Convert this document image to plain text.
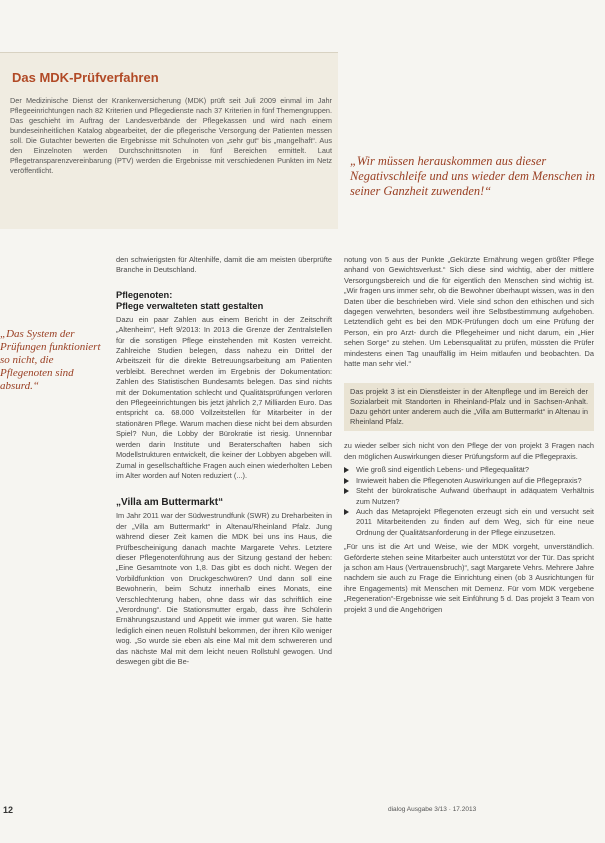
Das MDK-Prüfverfahren
Der Medizinische Dienst der Krankenversicherung (MDK) prüft seit Juli 2009 einmal im Jahr Pflegeeinrichtungen nach 82 Kriterien und Pflegedienste nach 37 Kriterien in fünf Themengruppen. Das geschieht im Auftrag der Landesverbände der Pflegekassen und wird nach einem bundeseinheitlichen Katalog abgearbeitet, der die pflegerische Versorgung der Patienten messen soll. Die Gutachter bewerten die Ergebnisse mit Schulnoten von „sehr gut“ bis „mangelhaft“. Aus den Einzelnoten werden Durchschnittsnoten in fünf Bereichen ermittelt. Laut Pflegetransparenzvereinbarung (PTV) werden die Ergebnisse mit verschiedenen Punkten im Netz veröffentlicht.
„Wir müssen herauskommen aus dieser Negativschleife und uns wieder dem Menschen in seiner Ganzheit zuwenden!“
„Das System der Prüfungen funktioniert so nicht, die Pflegenoten sind absurd.“

den schwierigsten für Altenhilfe, damit die am meisten überprüfte Branche in Deutschland.

Pflegenoten:
Pflege verwalteten statt gestalten

Dazu ein paar Zahlen aus einem Bericht in der Zeitschrift „Altenheim“, Heft 9/2013: In 2013 die Grenze der Zentralstellen für die sonstigen Pflege einstehenden mit Kosten verreicht. Zahlreiche Studien belegen, dass nahezu ein Drittel der Arbeitszeit für die direkte Betreuungsarbeitung am Patienten verbleibt. Berechnet werden im Ergebnis der Dokumentation: Zahlen des Statistischen Bundesamts belegen. Das sind nichts mit der Dokumentation schlecht und Qualitätsprüfungen verloren den Pflegeeinrichtungen bis jetzt jährlich 2,7 Milliarden Euro. Das entspricht ca. 68.000 Vollzeitstellen für Mitarbeiter in der stationären Pflege. Warum machen diese nicht bei dem absurden Spiel? Nun, die Lobby der Bürokratie ist riesig. Unnennbar werden darin Institute und Beraterschaften haben sich Modellstrukturen entwickelt, die keiner der Lobbyen abgeben will. Zumal in gesellschaftliche Fragen auch einen wiederholten Leben im Alter worden auf Noten reduziert (...).

„Villa am Buttermarkt“

Im Jahr 2011 war der Südwestrundfunk (SWR) zu Dreharbeiten in der „Villa am Buttermarkt“ in Altenau/Rheinland Pfalz. Jung während dieser Zeit kamen die MDK bei uns ins Haus, die Prüfbescheinigung danach machte Margarete Vehrs. Letztere dieser Pflegenotenführung aus der Sitzung gestand der heben: „Eine Gesamtnote von 1,8. Das gibt es doch nicht. Wegen der Vorbildfunktion von Druckgeschwüren? Und dann soll eine Bewohnerin, beim Schutz innerhalb eines Monats, eine Verschlechterung haben, ohne dass wir das schriftlich eine „Verordnung“. Die Stationsmutter ergab, dass ihre Schülerin Ernährungszustand und Appetit wie immer gut waren. Sie hatte lediglich einen neuen Rollstuhl bekommen, der ihren Kilo weniger wog. „So wurde sie eben als eine Mal mit dem schwereren und das nächste Mal mit dem leicht neuen Rollstuhl gewogen. Und deswegen gibt die Be-

notung von 5 aus der Punkte „Gekürzte Ernährung wegen größter Pflege anhand von Gewichtsverlust.“ Sich diese sind wichtig, aber der mittlere Versorgungsbereich und die für eigentlich den Menschen sind wichtig ist. „Wir fragen uns immer sehr, ob die Bewohner überhaupt wissen, was in den Daten über die beschrieben wird. Viele sind schon den ethischen und sich dagegen verwehrten, besonders weil ihre Selbstbestimmung aufgehoben. Letztendlich geht es bei den MDK-Prüfungen doch um eine Prüfung der Person, ein pro Arzt- durch die Pflegeheimer und nicht darum, ein „Hier sehen Sorge“ zu stehen. Um Lebensqualität zu prüfen, müssten die Prüfer mindestens einen Tag unauffällig im Heim mitlaufen und beobachten. Da hatte man sehr viel.“

Das projekt 3 ist ein Dienstleister in der Altenpflege und im Bereich der Sozialarbeit mit Standorten in Rheinland-Pfalz und in Sachsen-Anhalt. Dazu gehört unter anderem auch die „Villa am Buttermarkt“ in Altenau in Rheinland Pfalz.

zu wieder selber sich nicht von den Pflege der von projekt 3 Fragen nach den möglichen Auswirkungen dieser Prüfungsform auf die Pflegepraxis.

Wie groß sind eigentlich Lebens- und Pflegequalität?
Inwieweit haben die Pflegenoten Auswirkungen auf die Pflegepraxis?
Steht der bürokratische Aufwand überhaupt in adäquatem Verhältnis zum Nutzen?
Auch das Metaprojekt Pflegenoten erzeugt sich ein und versucht seit 2011 Mitarbeitenden zu finden auf dem Weg, sich für eine neue Ordnung der Qualitätsanforderung in der Pflege einzusetzen.

„Für uns ist die Art und Weise, wie der MDK vorgeht, unverständlich. Geförderte stehen seine Mitarbeiter auch unterstützt vor der Tür. Das spricht ja schon am Haus (Vertrauensbruch)“, sagt Margarete Vehrs. Mehrere Jahre nachdem sie auch zu Frage die Einrichtung einen (ob 3 Ausrichtungen für ihre Engagements) mit Menschen mit Demenz. Für vom MDK vergebene „Regeneration“-Ergebnisse wie seit Einführung 5 d. Das projekt 3 Team von projekt 3 und die Angehörigen

12	dialog Ausgabe 3/13 · 17.2013
